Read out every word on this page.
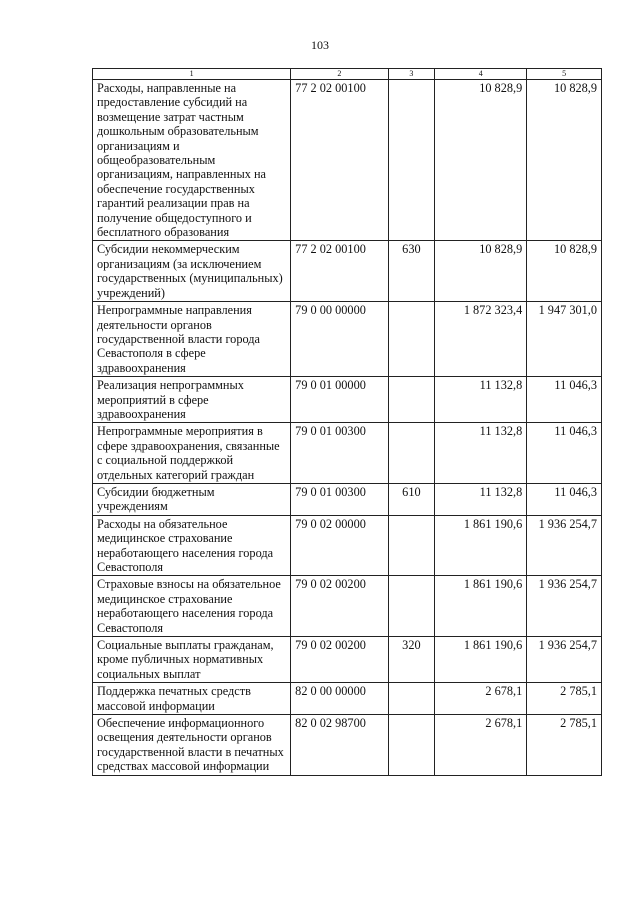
103
1	2	3	4	5
Расходы, направленные на предоставление субсидий на возмещение затрат частным дошкольным образовательным организациям и общеобразовательным организациям, направленных на обеспечение государственных гарантий реализации прав на получение общедоступного и бесплатного образования	77 2 02 00100		10 828,9	10 828,9
Субсидии некоммерческим организациям (за исключением государственных (муниципальных) учреждений)	77 2 02 00100	630	10 828,9	10 828,9
Непрограммные направления деятельности органов государственной власти города Севастополя в сфере здравоохранения	79 0 00 00000		1 872 323,4	1 947 301,0
Реализация непрограммных мероприятий в сфере здравоохранения	79 0 01 00000		11 132,8	11 046,3
Непрограммные мероприятия в сфере здравоохранения, связанные с социальной поддержкой отдельных категорий граждан	79 0 01 00300		11 132,8	11 046,3
Субсидии бюджетным учреждениям	79 0 01 00300	610	11 132,8	11 046,3
Расходы на обязательное медицинское страхование неработающего населения города Севастополя	79 0 02 00000		1 861 190,6	1 936 254,7
Страховые взносы на обязательное медицинское страхование неработающего населения города Севастополя	79 0 02 00200		1 861 190,6	1 936 254,7
Социальные выплаты гражданам, кроме публичных нормативных социальных выплат	79 0 02 00200	320	1 861 190,6	1 936 254,7
Поддержка печатных средств массовой информации	82 0 00 00000		2 678,1	2 785,1
Обеспечение информационного освещения деятельности органов государственной власти в печатных средствах массовой информации	82 0 02 98700		2 678,1	2 785,1
